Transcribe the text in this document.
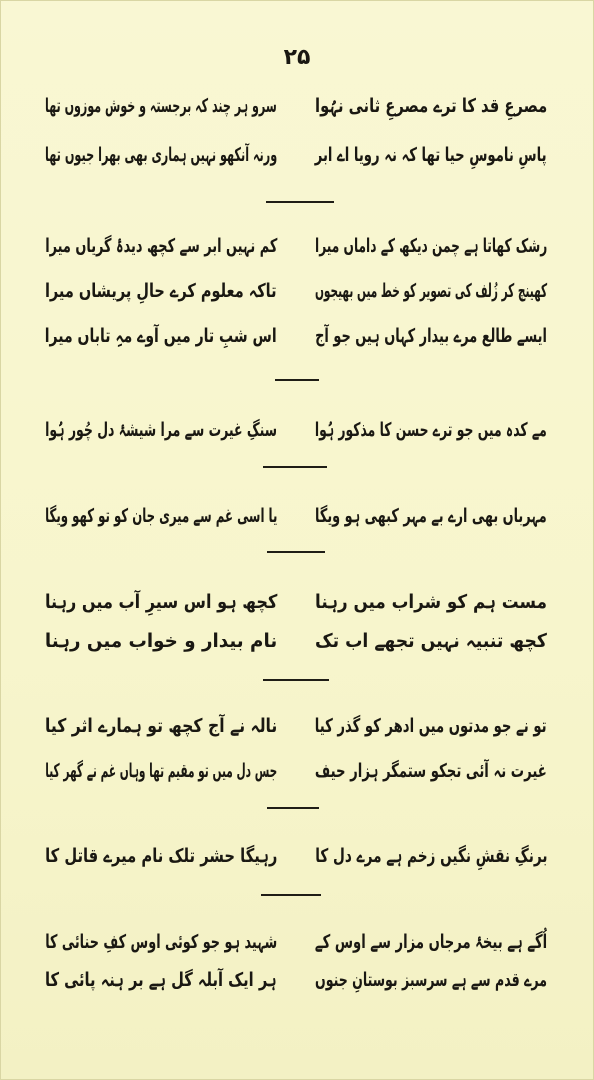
۲۵
مصرعِ قد کا ترے مصرعِ ثانی نہُوا
سرو ہر چند کہ برجستہ و خوش موزوں تھا
پاسِ ناموسِ حیا تھا کہ نہ رویا اے ابر
ورنہ آنکھو نہیں ہماری بھی بھرا جیوں تھا
رشک کھاتا ہے چمن دیکھ کے داماں میرا
کم نہیں ابر سے کچھ دیدۂ گریاں میرا
کھینچ کر زُلف کی تصویر کو خط میں بھیجوں
تاکہ معلوم کرے حالِ پریشاں میرا
ایسے طالع مرے بیدار کہاں ہیں جو آج
اس شبِ تار میں آوے مہِ تاباں میرا
مے کدہ میں جو ترے حسن کا مذکور ہُوا
سنگِ غیرت سے مرا شیشۂ دل چُور ہُوا
مہرباں بھی ارے بے مہر کبھی ہو ویگا
یا اسی غم سے میری جان کو تو کھو ویگا
مست ہم کو شراب میں رہنا
کچھ ہو اس سیرِ آب میں رہنا
کچھ تنبیہ نہیں تجھے اب تک
نام بیدار و خواب میں رہنا
تو نے جو مدتوں میں ادھر کو گذر کیا
نالہ نے آج کچھ تو ہمارے اثر کیا
غیرت نہ آئی تجکو ستمگر ہزار حیف
جس دل میں تو مقیم تھا وہاں غم نے گھر کیا
برنگِ نقشِ نگیں زخم ہے مرے دل کا
رہیگا حشر تلک نام میرے قاتل کا
اُگے ہے بیخۂ مرجاں مزار سے اوس کے
شہید ہو جو کوئی اوس کفِ حنائی کا
مرے قدم سے ہے سرسبز بوستانِ جنوں
ہر ایک آبلہ گل ہے بر ہنہ پائی کا
